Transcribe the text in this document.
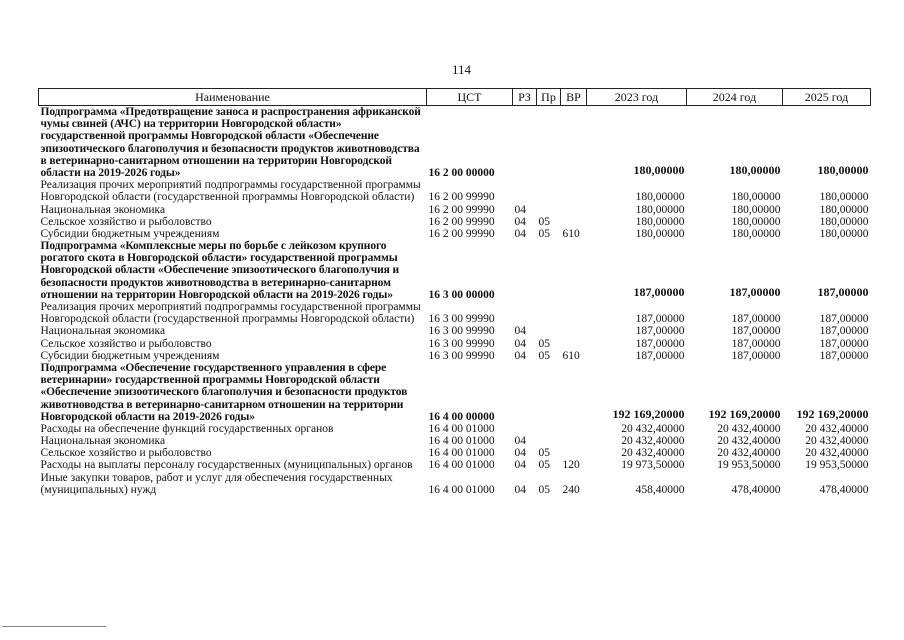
114
Наименование	ЦСТ	РЗ	Пр	ВР	2023 год	2024 год	2025 год
Подпрограмма «Предотвращение заноса и распространения африканской чумы свиней (АЧС) на территории Новгородской области» государственной программы Новгородской области «Обеспечение эпизоотического благополучия и безопасности продуктов животноводства в ветеринарно-санитарном отношении на территории Новгородской области на 2019-2026 годы»	16 2 00 00000				180,00000	180,00000	180,00000
Реализация прочих мероприятий подпрограммы государственной программы Новгородской области (государственной программы Новгородской области)	16 2 00 99990				180,00000	180,00000	180,00000
Национальная экономика	16 2 00 99990	04			180,00000	180,00000	180,00000
Сельское хозяйство и рыболовство	16 2 00 99990	04	05		180,00000	180,00000	180,00000
Субсидии бюджетным учреждениям	16 2 00 99990	04	05	610	180,00000	180,00000	180,00000
Подпрограмма «Комплексные меры по борьбе с лейкозом крупного рогатого скота в Новгородской области» государственной программы Новгородской области «Обеспечение эпизоотического благополучия и безопасности продуктов животноводства в ветеринарно-санитарном отношении на территории Новгородской области на 2019-2026 годы»	16 3 00 00000				187,00000	187,00000	187,00000
Реализация прочих мероприятий подпрограммы государственной программы Новгородской области (государственной программы Новгородской области)	16 3 00 99990				187,00000	187,00000	187,00000
Национальная экономика	16 3 00 99990	04			187,00000	187,00000	187,00000
Сельское хозяйство и рыболовство	16 3 00 99990	04	05		187,00000	187,00000	187,00000
Субсидии бюджетным учреждениям	16 3 00 99990	04	05	610	187,00000	187,00000	187,00000
Подпрограмма «Обеспечение государственного управления в сфере ветеринарии» государственной программы Новгородской области «Обеспечение эпизоотического благополучия и безопасности продуктов животноводства в ветеринарно-санитарном отношении на территории Новгородской области на 2019-2026 годы»	16 4 00 00000				192 169,20000	192 169,20000	192 169,20000
Расходы на обеспечение функций государственных органов	16 4 00 01000				20 432,40000	20 432,40000	20 432,40000
Национальная экономика	16 4 00 01000	04			20 432,40000	20 432,40000	20 432,40000
Сельское хозяйство и рыболовство	16 4 00 01000	04	05		20 432,40000	20 432,40000	20 432,40000
Расходы на выплаты персоналу государственных (муниципальных) органов	16 4 00 01000	04	05	120	19 973,50000	19 953,50000	19 953,50000
Иные закупки товаров, работ и услуг для обеспечения государственных (муниципальных) нужд	16 4 00 01000	04	05	240	458,40000	478,40000	478,40000
